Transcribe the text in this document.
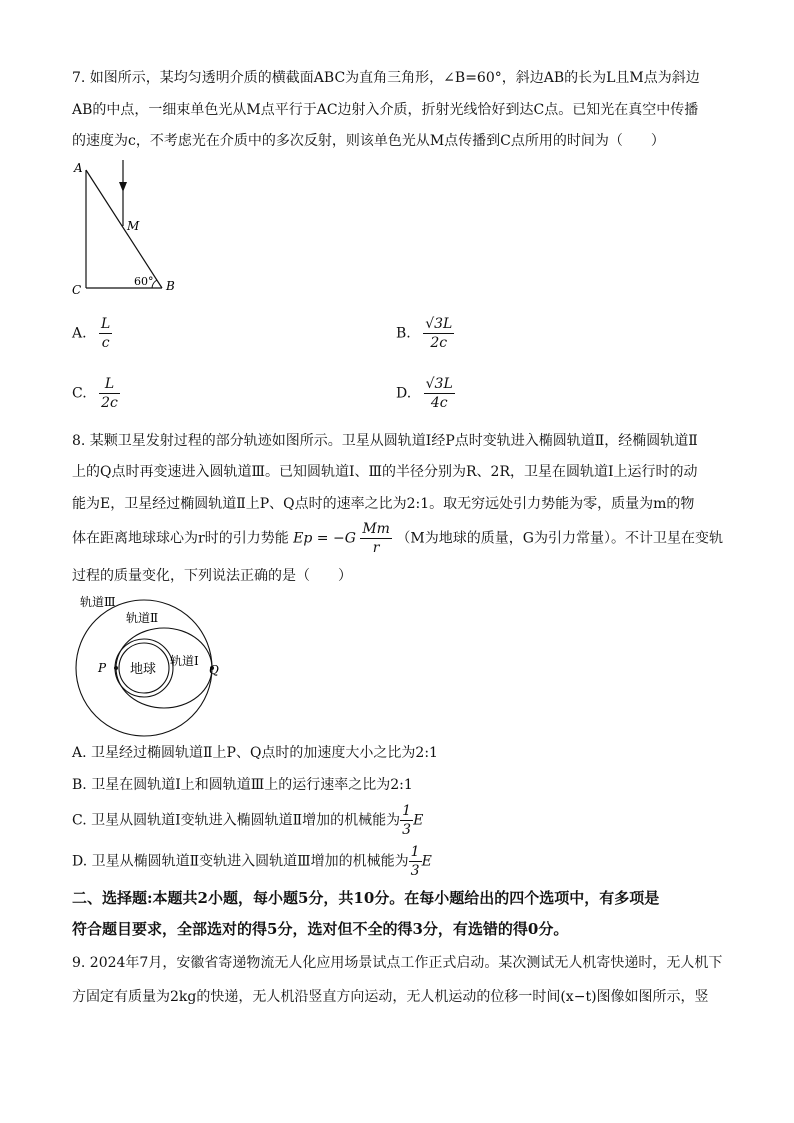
7. 如图所示，某均匀透明介质的横截面ABC为直角三角形，∠B=60°，斜边AB的长为L且M点为斜边
AB的中点，一细束单色光从M点平行于AC边射入介质，折射光线恰好到达C点。已知光在真空中传播
的速度为c，不考虑光在介质中的多次反射，则该单色光从M点传播到C点所用的时间为（　　）
A
C	B
M
60°
A. $\frac{L}{c}$	B. $\frac{√3L}{2c}$
C. $\frac{L}{2c}$	D. $\frac{√3L}{4c}$
8. 某颗卫星发射过程的部分轨迹如图所示。卫星从圆轨道Ⅰ经P点时变轨进入椭圆轨道Ⅱ，经椭圆轨道Ⅱ
上的Q点时再变速进入圆轨道Ⅲ。已知圆轨道Ⅰ、Ⅲ的半径分别为R、2R，卫星在圆轨道Ⅰ上运行时的动
能为E，卫星经过椭圆轨道Ⅱ上P、Q点时的速率之比为2:1。取无穷远处引力势能为零，质量为m的物
体在距离地球球心为r时的引力势能 $Ep = -G \frac{Mm}{r} (M$为地球的质量，G为引力常量）。不计卫星在变轨
过程的质量变化，下列说法正确的是（　　）
轨道Ⅲ
轨道Ⅱ
地球
轨道Ⅰ
P	Q
A. 卫星经过椭圆轨道Ⅱ上P、Q点时的加速度大小之比为2:1
B. 卫星在圆轨道Ⅰ上和圆轨道Ⅲ上的运行速率之比为2:1
C. 卫星从圆轨道Ⅰ变轨进入椭圆轨道Ⅱ增加的机械能为 $\frac{1}{3}$ E
D. 卫星从椭圆轨道Ⅱ变轨进入圆轨道Ⅲ增加的机械能为 $\frac{1}{3}$ E
二、选择题:本题共2小题，每小题5分，共10分。在每小题给出的四个选项中，有多项是
符合题目要求，全部选对的得5分，选对但不全的得3分，有选错的得0分。
9. 2024年7月，安徽省寄递物流无人化应用场景试点工作正式启动。某次测试无人机寄快递时，无人机下
方固定有质量为2kg的快递，无人机沿竖直方向运动，无人机运动的位移一时间(x−t)图像如图所示，竖
